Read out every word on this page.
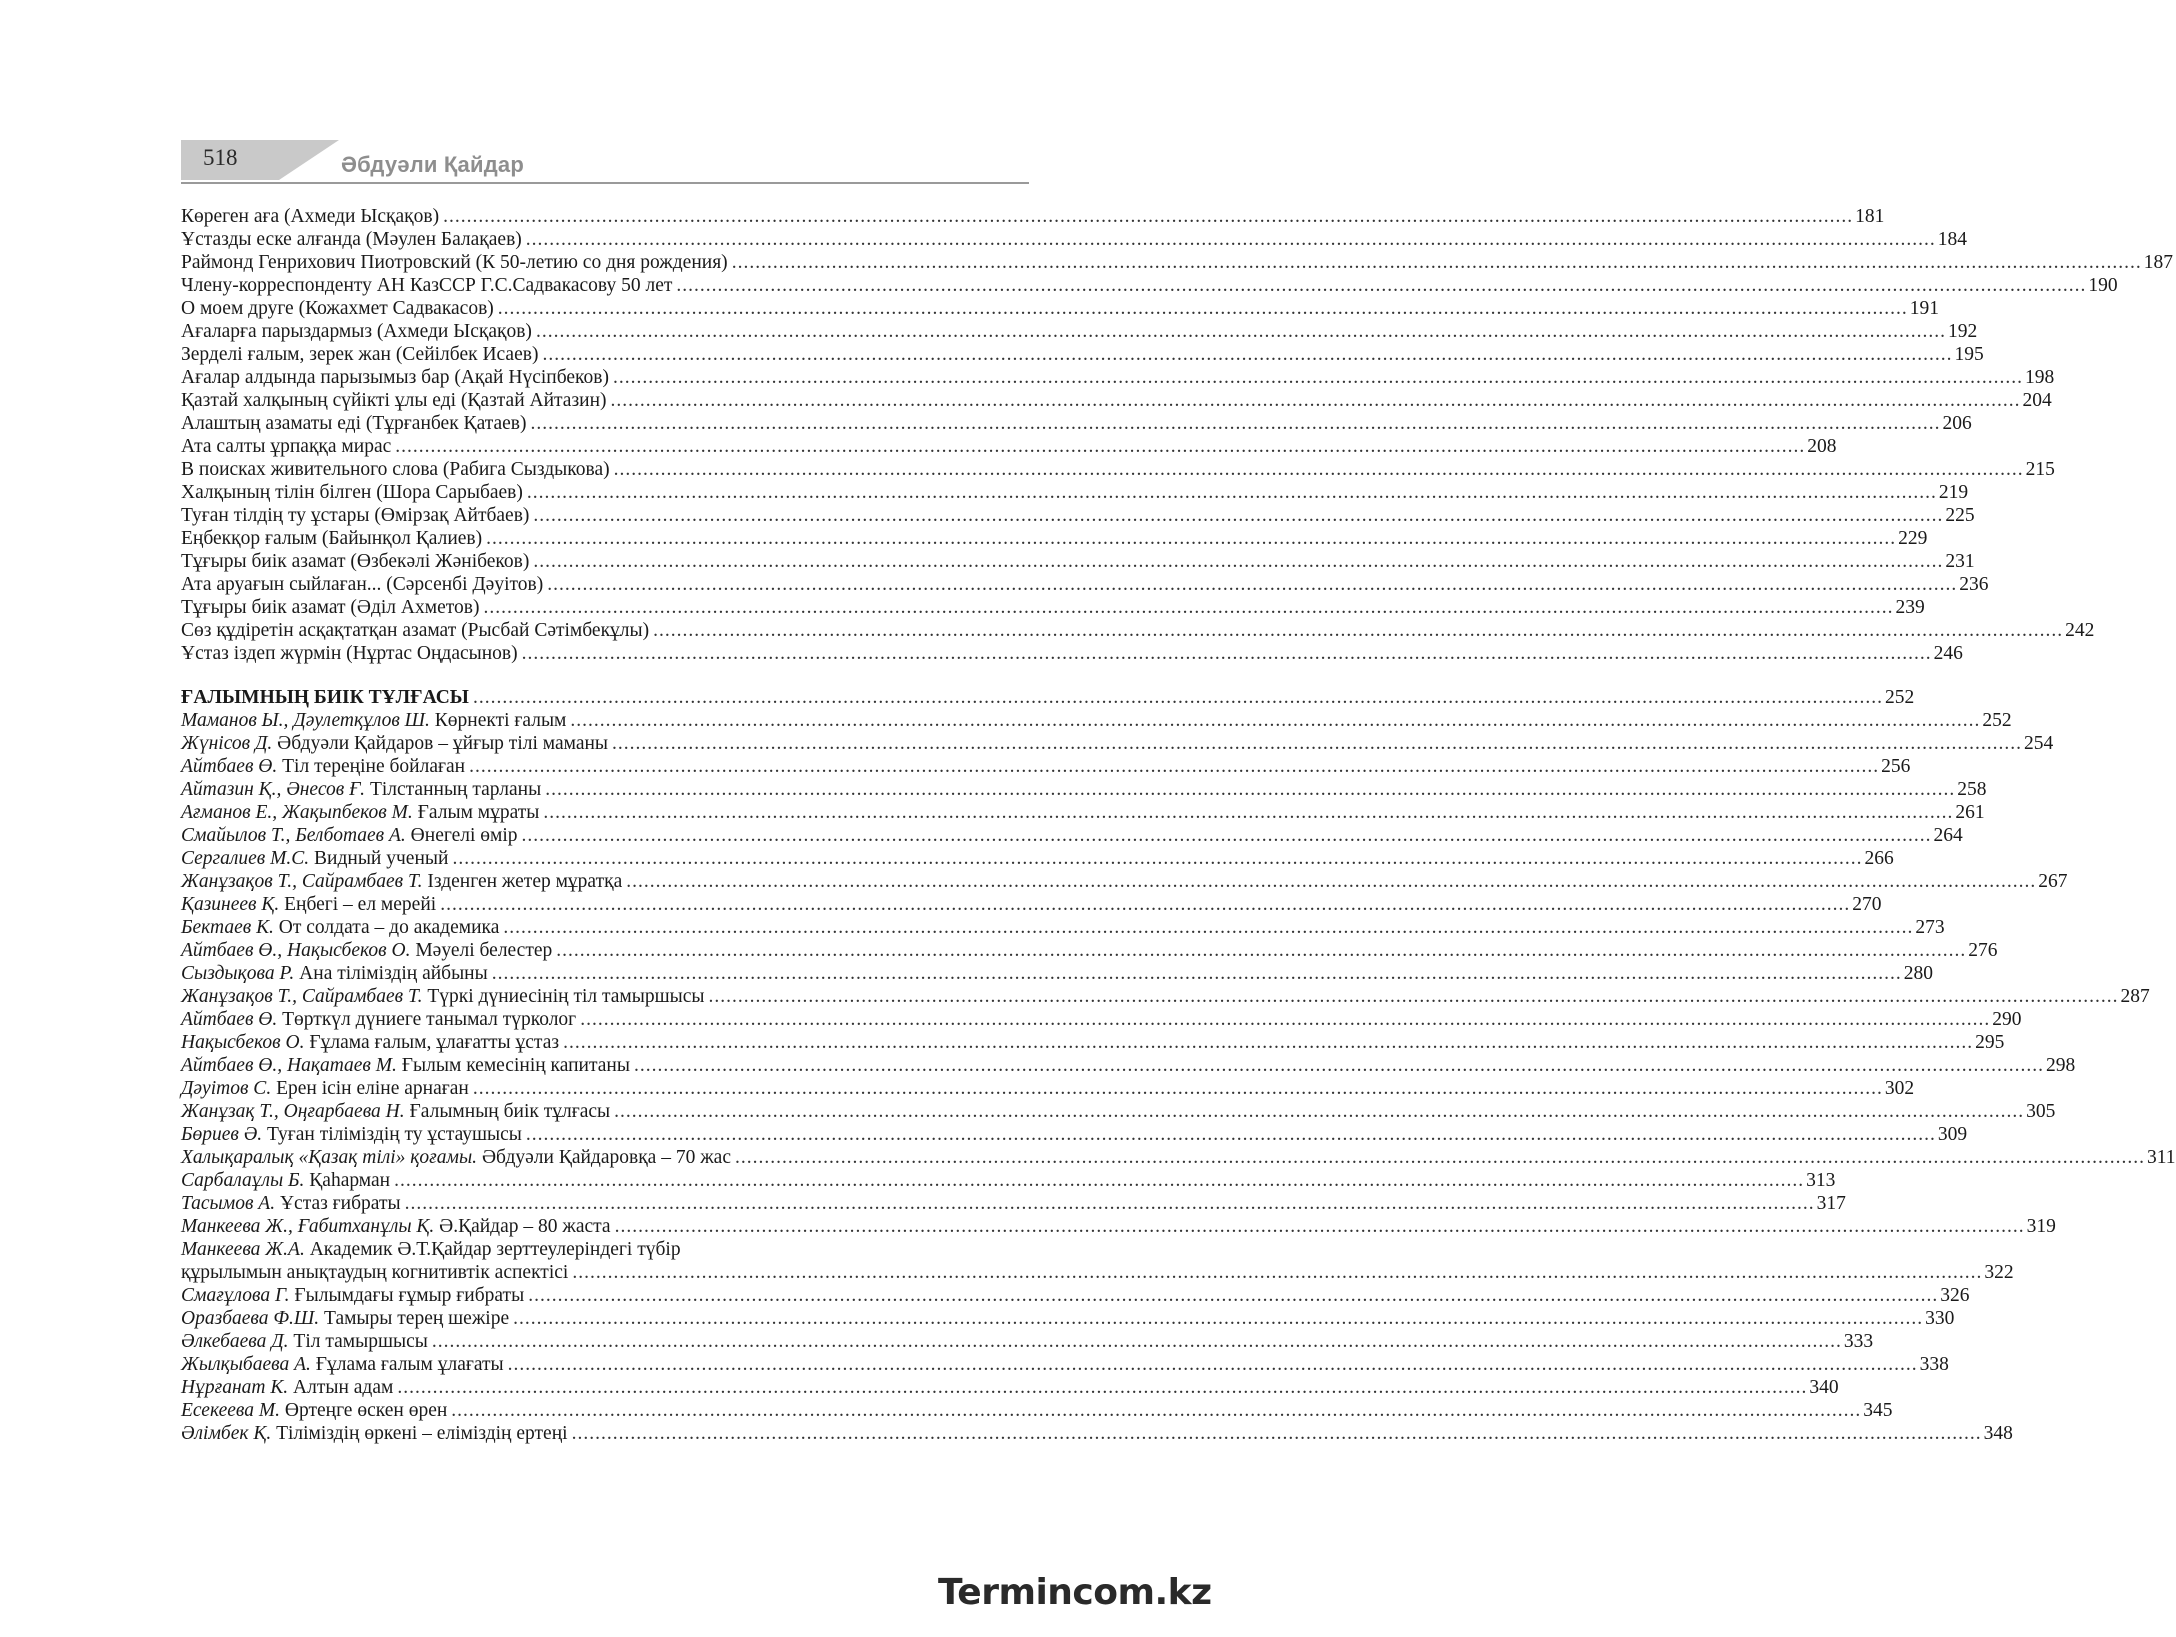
518	Әбдуәли Қайдар
Көреген аға (Ахмеди Ысқақов) .....	181
Ұстазды еске алғанда (Мәулен Балақаев) .....	184
Раймонд Генрихович Пиотровский (К 50-летию со дня рождения) .....	187
Члену-корреспонденту АН КазССР Г.С.Садвакасову 50 лет .....	190
О моем друге (Кожахмет Садвакасов) .....	191
Ағаларға парыздармыз (Ахмеди Ысқақов) .....	192
Зерделі ғалым, зерек жан (Сейілбек Исаев) .....	195
Ағалар алдында парызымыз бар (Ақай Нүсіпбеков) .....	198
Қазтай халқының сүйікті ұлы еді (Қазтай Айтазин) .....	204
Алаштың азаматы еді (Тұрғанбек Қатаев) .....	206
Ата салты ұрпаққа мирас .....	208
В поисках живительного слова (Рабига Сыздыкова) .....	215
Халқының тілін білген (Шора Сарыбаев) .....	219
Туған тілдің ту ұстары (Өмірзақ Айтбаев) .....	225
Еңбекқор ғалым (Байынқол Қалиев) .....	229
Тұғыры биік азамат (Өзбекәлі Жәнібеков) .....	231
Ата аруағын сыйлаған... (Сәрсенбі Дәуітов) .....	236
Тұғыры биік азамат (Әділ Ахметов) .....	239
Сөз құдіретін асқақтатқан азамат (Рысбай Сәтімбекұлы) .....	242
Ұстаз іздеп жүрмін (Нұртас Оңдасынов) .....	246
ҒАЛЫМНЫҢ БИІК ТҰЛҒАСЫ .....	252
Маманов Ы., Дәулетқұлов Ш. Көрнекті ғалым .....	252
Жүнісов Д. Әбдуәли Қайдаров – ұйғыр тілі маманы .....	254
Айтбаев Ө. Тіл тереңіне бойлаған .....	256
Айтазин Қ., Әнесов Ғ. Тілстанның тарланы .....	258
Ағманов Е., Жақыпбеков М. Ғалым мұраты .....	261
Смайылов Т., Белботаев А. Өнегелі өмір .....	264
Сергалиев М.С. Видный ученый .....	266
Жанұзақов Т., Сайрамбаев Т. Ізденген жетер мұратқа .....	267
Қазинеев Қ. Еңбегі – ел мерейі .....	270
Бектаев К. От солдата – до академика .....	273
Айтбаев Ө., Нақысбеков О. Мәуелі белестер .....	276
Сыздықова Р. Ана тіліміздің айбыны .....	280
Жанұзақов Т., Сайрамбаев Т. Түркі дүниесінің тіл тамыршысы .....	287
Айтбаев Ө. Төрткүл дүниеге танымал түрколог .....	290
Нақысбеков О. Ғұлама ғалым, ұлағатты ұстаз .....	295
Айтбаев Ө., Нақатаев М. Ғылым кемесінің капитаны .....	298
Дәуітов С. Ерен ісін еліне арнаған .....	302
Жанұзақ Т., Оңғарбаева Н. Ғалымның биік тұлғасы .....	305
Бөриев Ә. Туған тіліміздің ту ұстаушысы .....	309
Халықаралық «Қазақ тілі» қоғамы. Әбдуәли Қайдаровқа – 70 жас .....	311
Сарбалаұлы Б. Қаһарман .....	313
Тасымов А. Ұстаз ғибраты .....	317
Манкеева Ж., Ғабитханұлы Қ. Ә.Қайдар – 80 жаста .....	319
Манкеева Ж.А. Академик Ә.Т.Қайдар зерттеулеріндегі түбір
құрылымын анықтаудың когнитивтік аспектісі .....	322
Смағұлова Г. Ғылымдағы ғұмыр ғибраты .....	326
Оразбаева Ф.Ш. Тамыры терең шежіре .....	330
Әлкебаева Д. Тіл тамыршысы .....	333
Жылқыбаева А. Ғұлама ғалым ұлағаты .....	338
Нұрғанат К. Алтын адам .....	340
Есекеева М. Өртеңге өскен өрен .....	345
Әлімбек Қ. Тіліміздің өркені – еліміздің ертеңі .....	348
Termincom.kz
